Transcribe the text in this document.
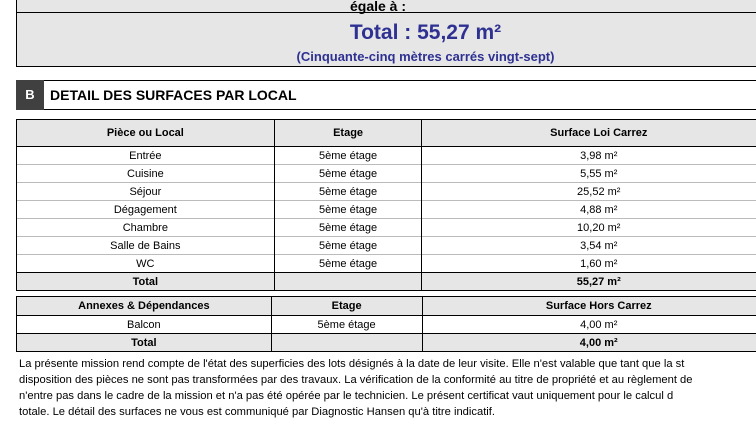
égale à :
Total : 55,27 m²
(Cinquante-cinq mètres carrés vingt-sept)
B	DETAIL DES SURFACES PAR LOCAL
Pièce ou Local	Etage	Surface Loi Carrez
Entrée	5ème étage	3,98 m²
Cuisine	5ème étage	5,55 m²
Séjour	5ème étage	25,52 m²
Dégagement	5ème étage	4,88 m²
Chambre	5ème étage	10,20 m²
Salle de Bains	5ème étage	3,54 m²
WC	5ème étage	1,60 m²
Total		55,27 m²
Annexes & Dépendances	Etage	Surface Hors Carrez
Balcon	5ème étage	4,00 m²
Total		4,00 m²
La présente mission rend compte de l'état des superficies des lots désignés à la date de leur visite. Elle n'est valable que tant que la st
disposition des pièces ne sont pas transformées par des travaux. La vérification de la conformité au titre de propriété et au règlement de
n'entre pas dans le cadre de la mission et n'a pas été opérée par le technicien. Le présent certificat vaut uniquement pour le calcul d
totale. Le détail des surfaces ne vous est communiqué par Diagnostic Hansen qu'à titre indicatif.
